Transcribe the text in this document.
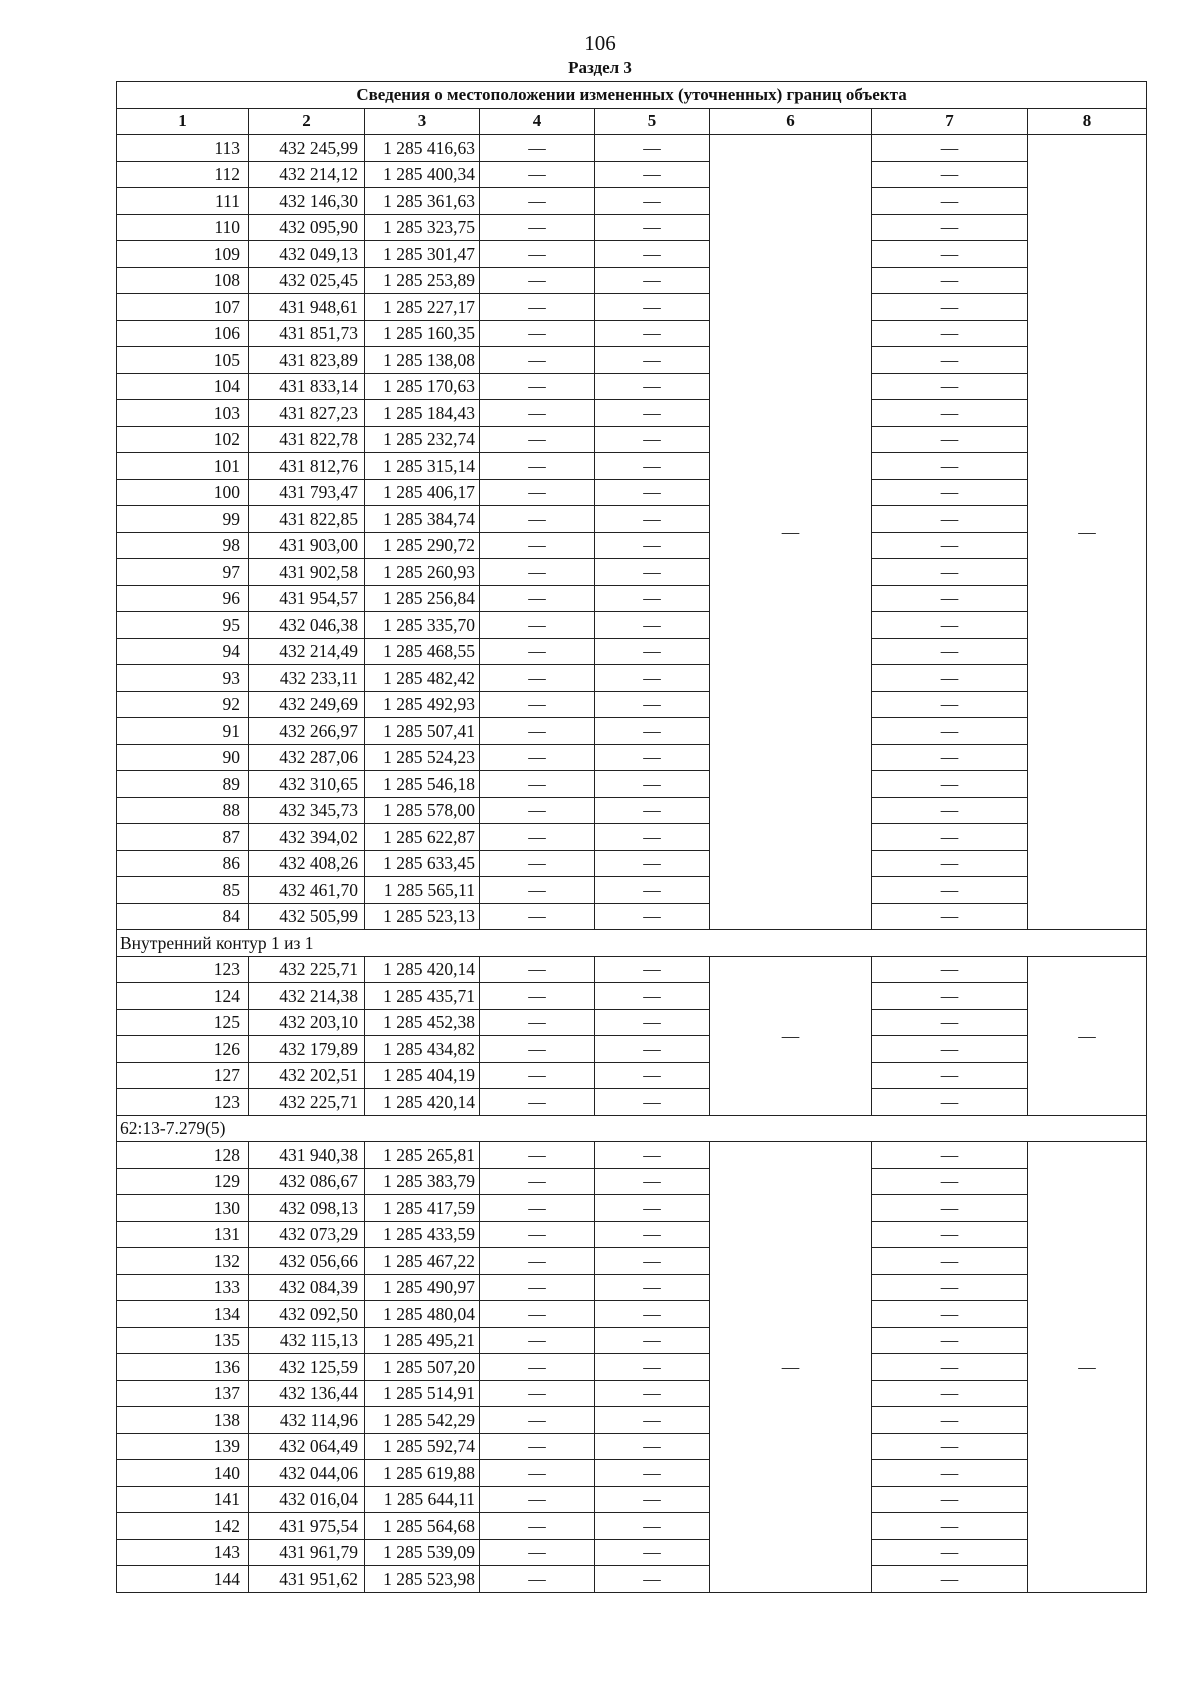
106
Раздел 3
Сведения о местоположении измененных (уточненных) границ объекта							
1	2	3	4	5	6	7	8
113	432 245,99	1 285 416,63	—	—	—	—	—
112	432 214,12	1 285 400,34	—	—		—	
111	432 146,30	1 285 361,63	—	—		—	
110	432 095,90	1 285 323,75	—	—		—	
109	432 049,13	1 285 301,47	—	—		—	
108	432 025,45	1 285 253,89	—	—		—	
107	431 948,61	1 285 227,17	—	—		—	
106	431 851,73	1 285 160,35	—	—		—	
105	431 823,89	1 285 138,08	—	—		—	
104	431 833,14	1 285 170,63	—	—		—	
103	431 827,23	1 285 184,43	—	—		—	
102	431 822,78	1 285 232,74	—	—		—	
101	431 812,76	1 285 315,14	—	—		—	
100	431 793,47	1 285 406,17	—	—		—	
99	431 822,85	1 285 384,74	—	—		—	
98	431 903,00	1 285 290,72	—	—		—	
97	431 902,58	1 285 260,93	—	—		—	
96	431 954,57	1 285 256,84	—	—		—	
95	432 046,38	1 285 335,70	—	—		—	
94	432 214,49	1 285 468,55	—	—		—	
93	432 233,11	1 285 482,42	—	—		—	
92	432 249,69	1 285 492,93	—	—		—	
91	432 266,97	1 285 507,41	—	—		—	
90	432 287,06	1 285 524,23	—	—		—	
89	432 310,65	1 285 546,18	—	—		—	
88	432 345,73	1 285 578,00	—	—		—	
87	432 394,02	1 285 622,87	—	—		—	
86	432 408,26	1 285 633,45	—	—		—	
85	432 461,70	1 285 565,11	—	—		—	
84	432 505,99	1 285 523,13	—	—		—	
Внутренний контур 1 из 1							
123	432 225,71	1 285 420,14	—	—	—	—	—
124	432 214,38	1 285 435,71	—	—		—	
125	432 203,10	1 285 452,38	—	—		—	
126	432 179,89	1 285 434,82	—	—		—	
127	432 202,51	1 285 404,19	—	—		—	
123	432 225,71	1 285 420,14	—	—		—	
62:13-7.279(5)							
128	431 940,38	1 285 265,81	—	—	—	—	—
129	432 086,67	1 285 383,79	—	—		—	
130	432 098,13	1 285 417,59	—	—		—	
131	432 073,29	1 285 433,59	—	—		—	
132	432 056,66	1 285 467,22	—	—		—	
133	432 084,39	1 285 490,97	—	—		—	
134	432 092,50	1 285 480,04	—	—		—	
135	432 115,13	1 285 495,21	—	—		—	
136	432 125,59	1 285 507,20	—	—		—	
137	432 136,44	1 285 514,91	—	—		—	
138	432 114,96	1 285 542,29	—	—		—	
139	432 064,49	1 285 592,74	—	—		—	
140	432 044,06	1 285 619,88	—	—		—	
141	432 016,04	1 285 644,11	—	—		—	
142	431 975,54	1 285 564,68	—	—		—	
143	431 961,79	1 285 539,09	—	—		—	
144	431 951,62	1 285 523,98	—	—		—	
